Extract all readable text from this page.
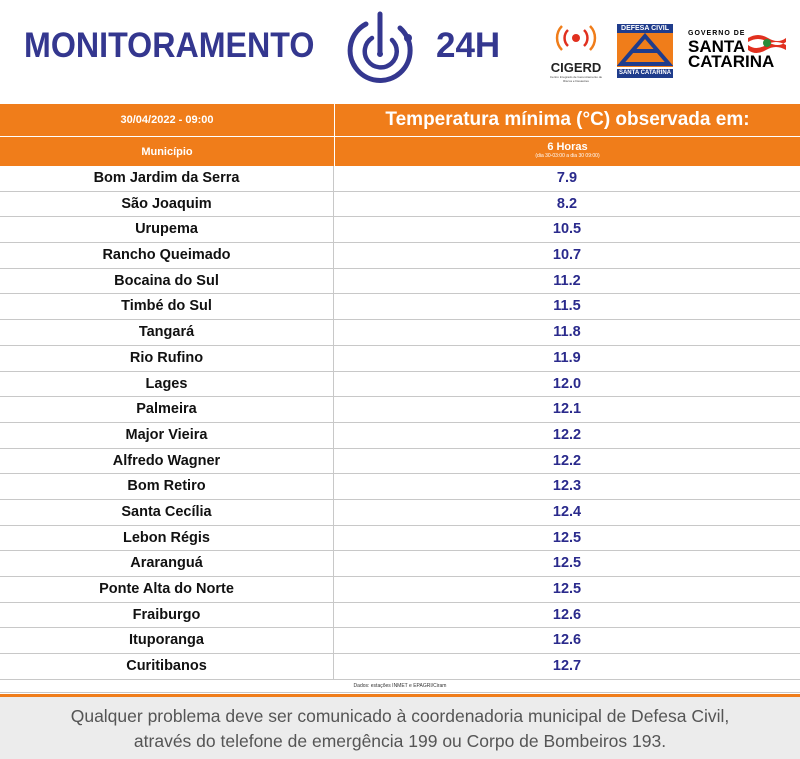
MONITORAMENTO	24H
CIGERD
Centro Integrado de Gerenciamento de Riscos e Desastres
DEFESA CIVIL
SANTA CATARINA
GOVERNO DE
SANTA
CATARINA
30/04/2022 - 09:00	Temperatura mínima (°C) observada em:
Município	6 Horas
(dia 30-03:00 a dia 30 09:00)
Bom Jardim da Serra	7.9
São Joaquim	8.2
Urupema	10.5
Rancho Queimado	10.7
Bocaina do Sul	11.2
Timbé do Sul	11.5
Tangará	11.8
Rio Rufino	11.9
Lages	12.0
Palmeira	12.1
Major Vieira	12.2
Alfredo Wagner	12.2
Bom Retiro	12.3
Santa Cecília	12.4
Lebon Régis	12.5
Araranguá	12.5
Ponte Alta do Norte	12.5
Fraiburgo	12.6
Ituporanga	12.6
Curitibanos	12.7
Dados: estações INMET e EPAGRI/Ciram
Qualquer problema deve ser comunicado à coordenadoria municipal de Defesa Civil,
através do telefone de emergência 199 ou Corpo de Bombeiros 193.
